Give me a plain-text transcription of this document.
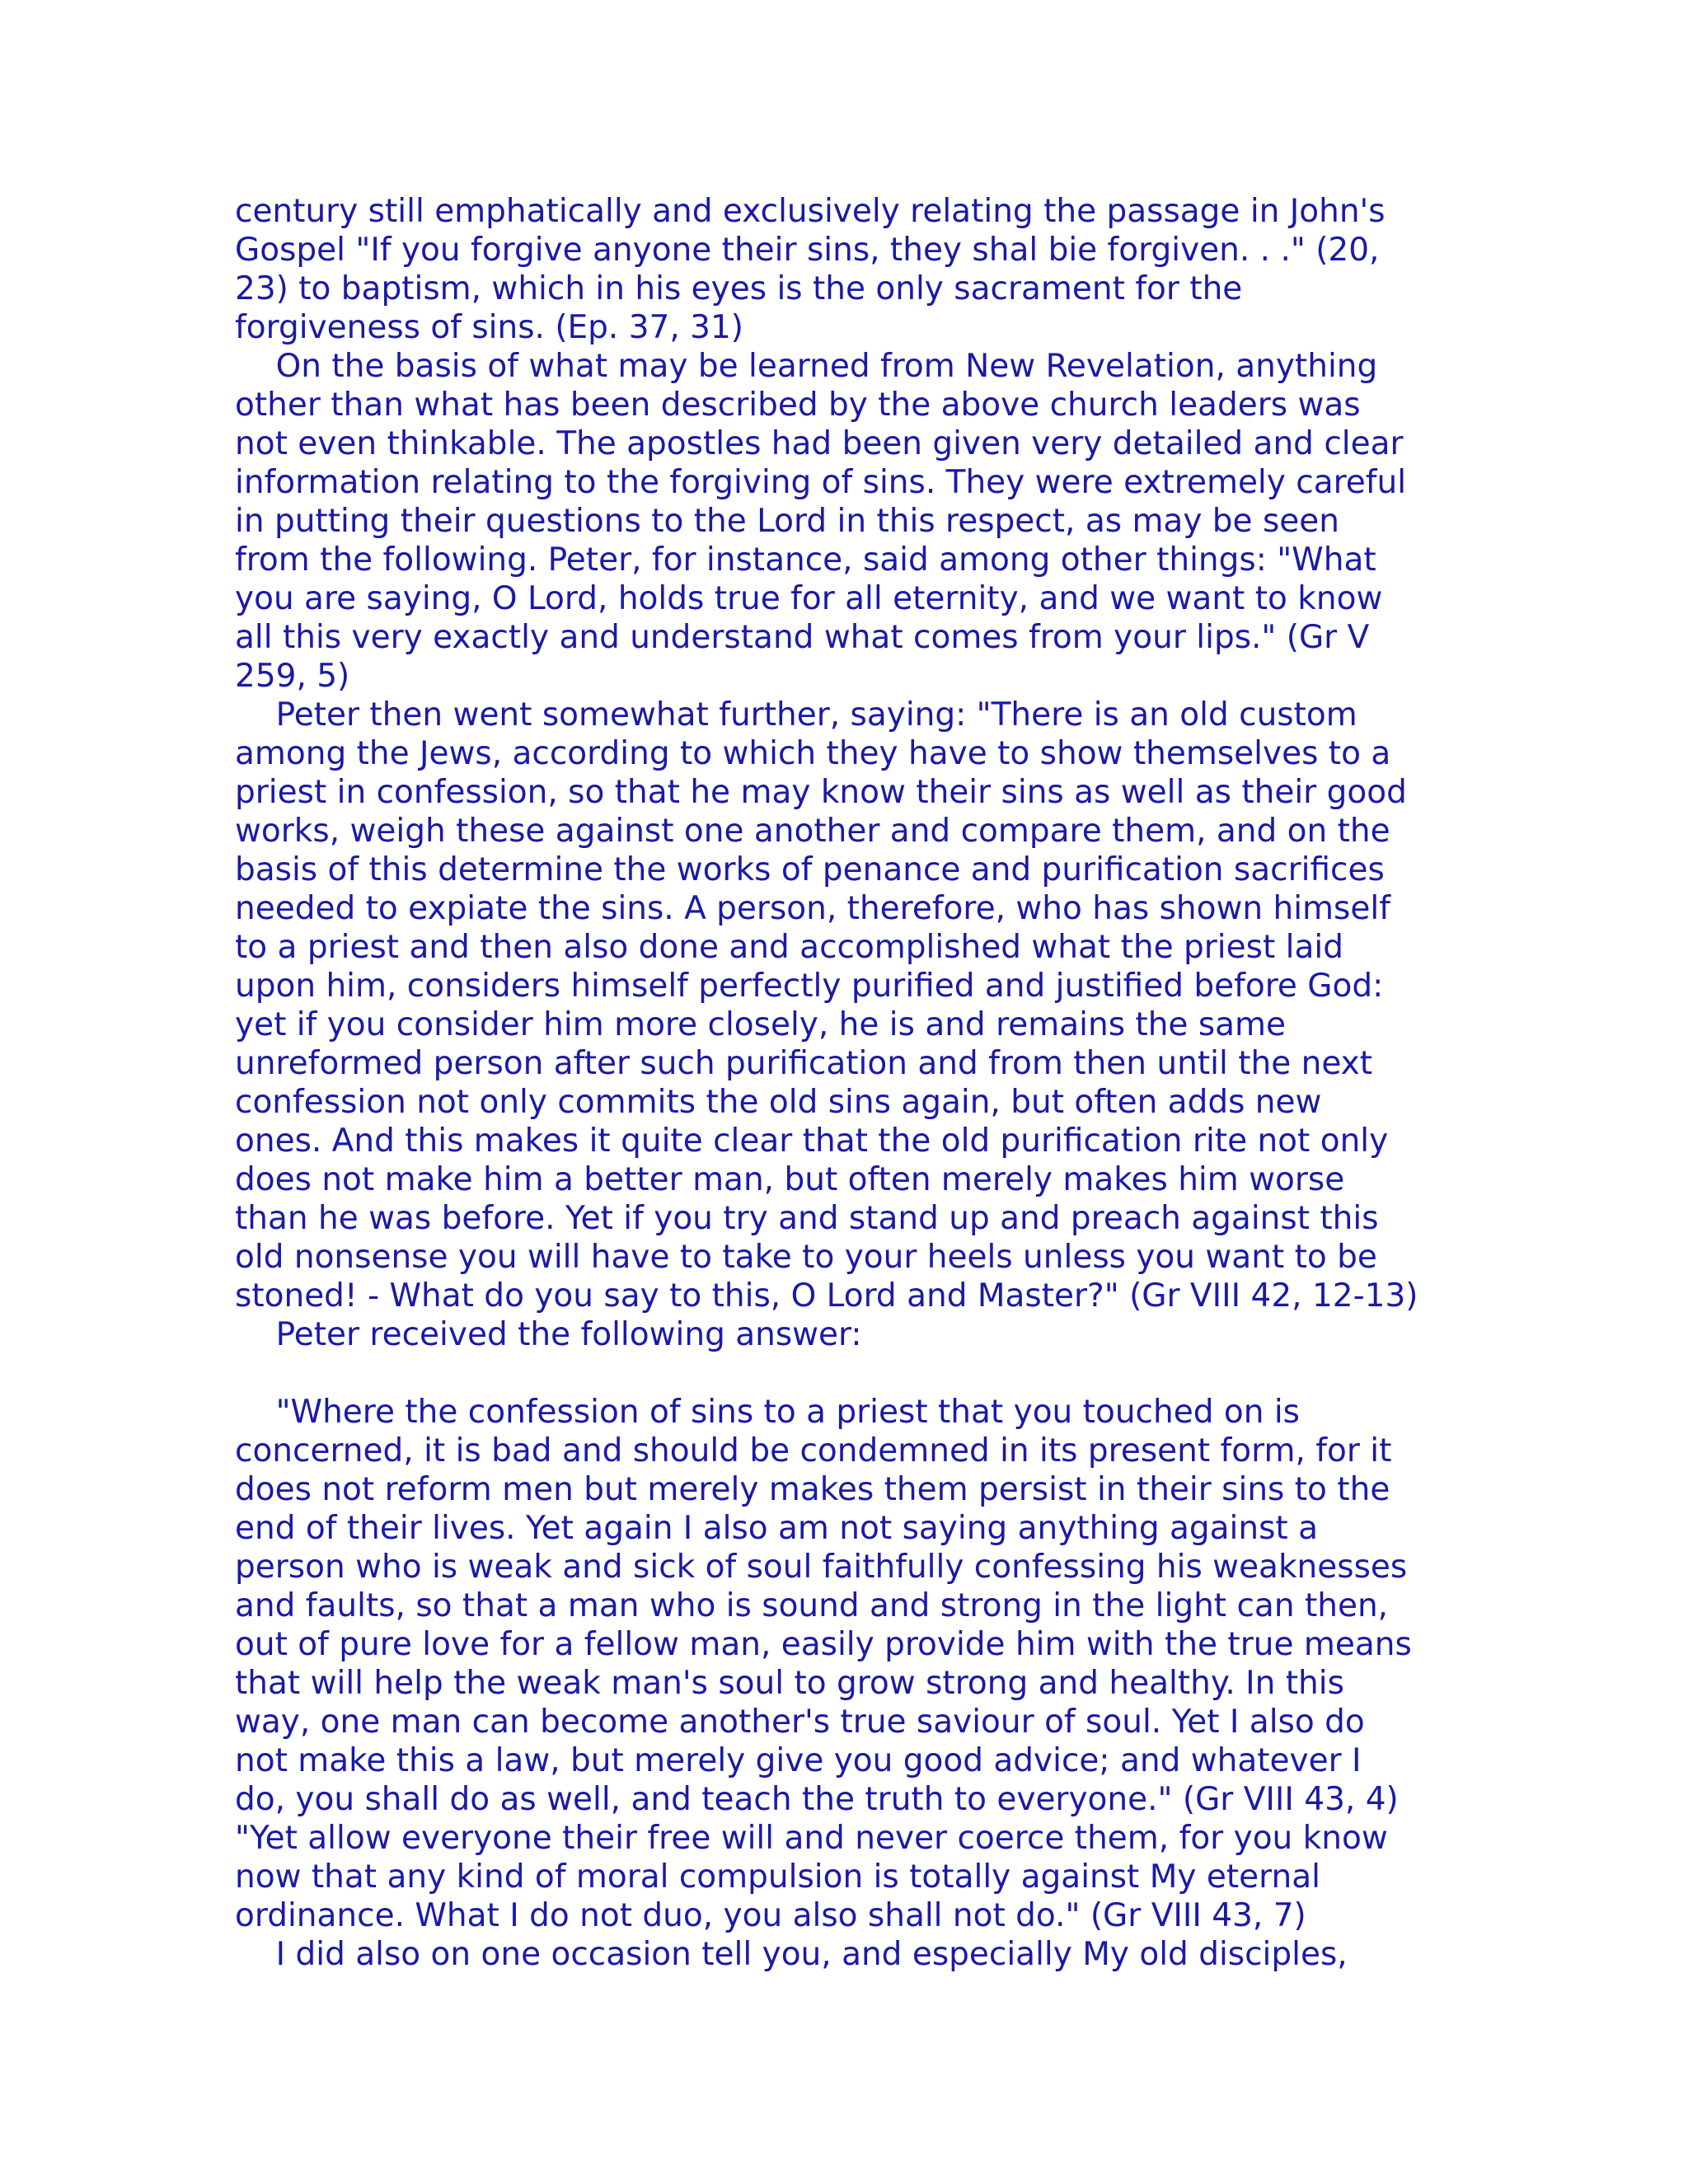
century still emphatically and exclusively relating the passage in John's
Gospel "If you forgive anyone their sins, they shal bie forgiven. . ." (20,
23) to baptism, which in his eyes is the only sacrament for the
forgiveness of sins. (Ep. 37, 31)
On the basis of what may be learned from New Revelation, anything
other than what has been described by the above church leaders was
not even thinkable. The apostles had been given very detailed and clear
information relating to the forgiving of sins. They were extremely careful
in putting their questions to the Lord in this respect, as may be seen
from the following. Peter, for instance, said among other things: "What
you are saying, O Lord, holds true for all eternity, and we want to know
all this very exactly and understand what comes from your lips." (Gr V
259, 5)
Peter then went somewhat further, saying: "There is an old custom
among the Jews, according to which they have to show themselves to a
priest in confession, so that he may know their sins as well as their good
works, weigh these against one another and compare them, and on the
basis of this determine the works of penance and purification sacrifices
needed to expiate the sins. A person, therefore, who has shown himself
to a priest and then also done and accomplished what the priest laid
upon him, considers himself perfectly purified and justified before God:
yet if you consider him more closely, he is and remains the same
unreformed person after such purification and from then until the next
confession not only commits the old sins again, but often adds new
ones. And this makes it quite clear that the old purification rite not only
does not make him a better man, but often merely makes him worse
than he was before. Yet if you try and stand up and preach against this
old nonsense you will have to take to your heels unless you want to be
stoned! - What do you say to this, O Lord and Master?" (Gr VIII 42, 12-13)
Peter received the following answer:
"Where the confession of sins to a priest that you touched on is
concerned, it is bad and should be condemned in its present form, for it
does not reform men but merely makes them persist in their sins to the
end of their lives. Yet again I also am not saying anything against a
person who is weak and sick of soul faithfully confessing his weaknesses
and faults, so that a man who is sound and strong in the light can then,
out of pure love for a fellow man, easily provide him with the true means
that will help the weak man's soul to grow strong and healthy. In this
way, one man can become another's true saviour of soul. Yet I also do
not make this a law, but merely give you good advice; and whatever I
do, you shall do as well, and teach the truth to everyone." (Gr VIII 43, 4)
"Yet allow everyone their free will and never coerce them, for you know
now that any kind of moral compulsion is totally against My eternal
ordinance. What I do not duo, you also shall not do." (Gr VIII 43, 7)
I did also on one occasion tell you, and especially My old disciples,
